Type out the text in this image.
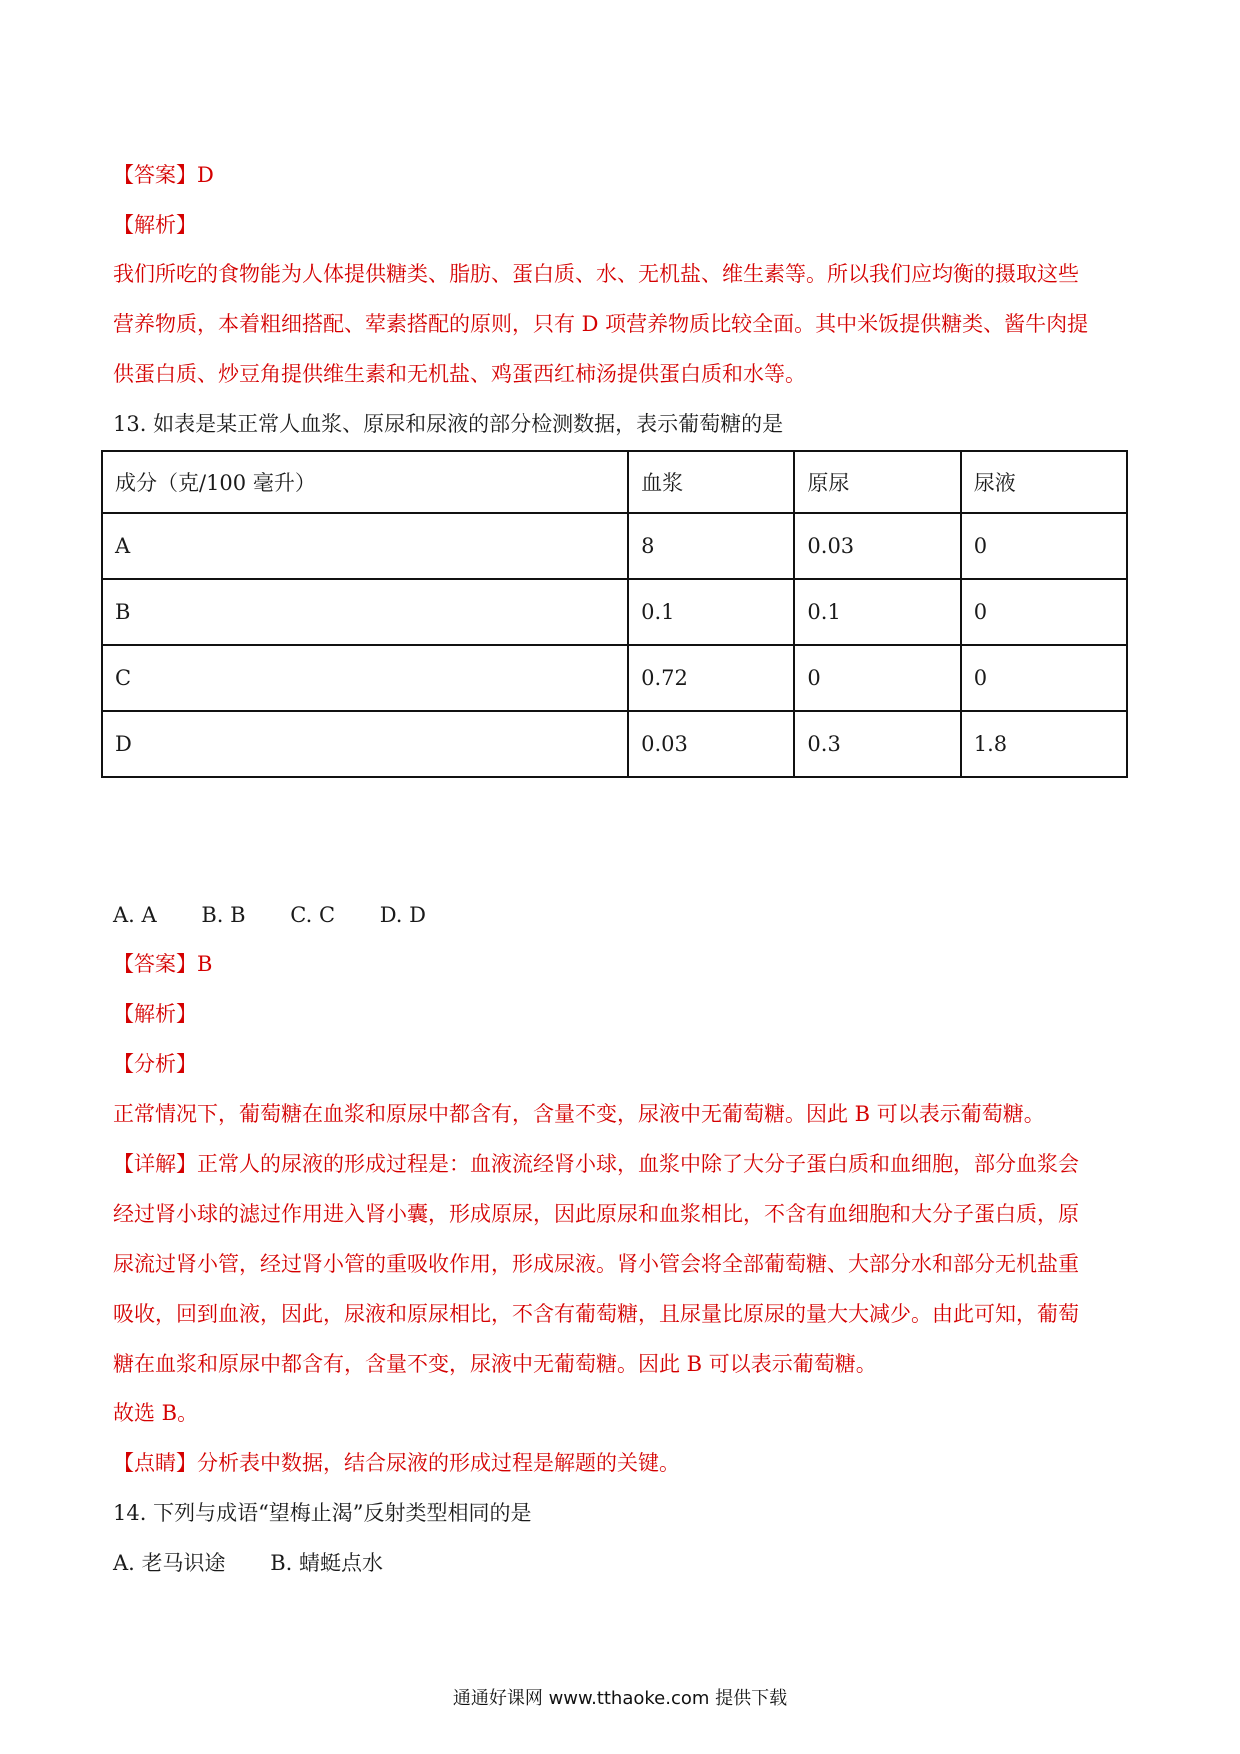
【答案】D
【解析】
我们所吃的食物能为人体提供糖类、脂肪、蛋白质、水、无机盐、维生素等。所以我们应均衡的摄取这些
营养物质，本着粗细搭配、荤素搭配的原则，只有 D 项营养物质比较全面。其中米饭提供糖类、酱牛肉提
供蛋白质、炒豆角提供维生素和无机盐、鸡蛋西红柿汤提供蛋白质和水等。
13. 如表是某正常人血浆、原尿和尿液的部分检测数据，表示葡萄糖的是
成分（克/100 毫升）	血浆	原尿	尿液
A	8	0.03	0
B	0.1	0.1	0
C	0.72	0	0
D	0.03	0.3	1.8
A. A B. B C. C D. D
【答案】B
【解析】
【分析】
正常情况下，葡萄糖在血浆和原尿中都含有，含量不变，尿液中无葡萄糖。因此 B 可以表示葡萄糖。
【详解】正常人的尿液的形成过程是：血液流经肾小球，血浆中除了大分子蛋白质和血细胞，部分血浆会
经过肾小球的滤过作用进入肾小囊，形成原尿，因此原尿和血浆相比，不含有血细胞和大分子蛋白质，原
尿流过肾小管，经过肾小管的重吸收作用，形成尿液。肾小管会将全部葡萄糖、大部分水和部分无机盐重
吸收，回到血液，因此，尿液和原尿相比，不含有葡萄糖，且尿量比原尿的量大大减少。由此可知，葡萄
糖在血浆和原尿中都含有，含量不变，尿液中无葡萄糖。因此 B 可以表示葡萄糖。
故选 B。
【点睛】分析表中数据，结合尿液的形成过程是解题的关键。
14. 下列与成语“望梅止渴”反射类型相同的是
A. 老马识途 B. 蜻蜓点水
通通好课网 www.tthaoke.com 提供下载
